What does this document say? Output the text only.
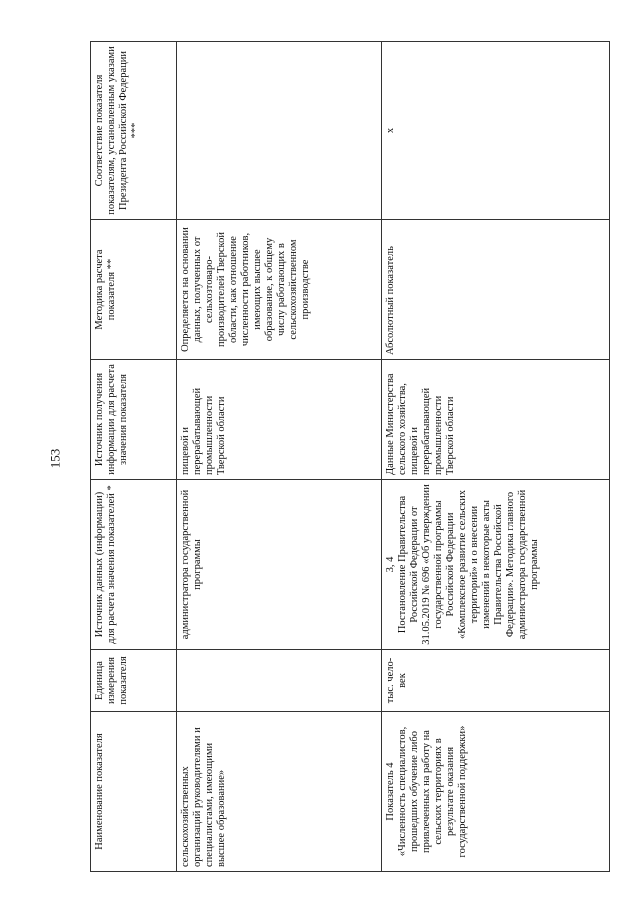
153
Наименование показателя	Единица измерения показателя	Источник данных (информации) для расчета значения показателей *	Источник получения информации для расчета значения показателя	Методика расчета показателя **	Соответствие показателя показателям, установленным указами Президента Российской Федерации ***
сельскохозяйственных организаций руководителями и специалистами, имеющими высшее образование»		администратора государственной программы	пищевой и перерабатывающей промышленности Тверской области	Определяется на основании данных, полученных от сельхозтоваро-производителей Тверской области, как отношение численности работников, имеющих высшее образование, к общему числу работающих в сельскохозяйственном производстве	

Показатель 4 «Численность специалистов, прошедших обучение либо привлеченных на работу на сельских территориях в результате оказания государственной поддержки»	тыс. чело-век	3, 4 Постановление Правительства Российской Федерации от 31.05.2019 № 696 «Об утверждении государственной программы Российской Федерации «Комплексное развитие сельских территорий» и о внесении изменений в некоторые акты Правительства Российской Федерации». Методика главного администратора государственной программы	Данные Министерства сельского хозяйства, пищевой и перерабатывающей промышленности Тверской области	Абсолютный показатель	х
